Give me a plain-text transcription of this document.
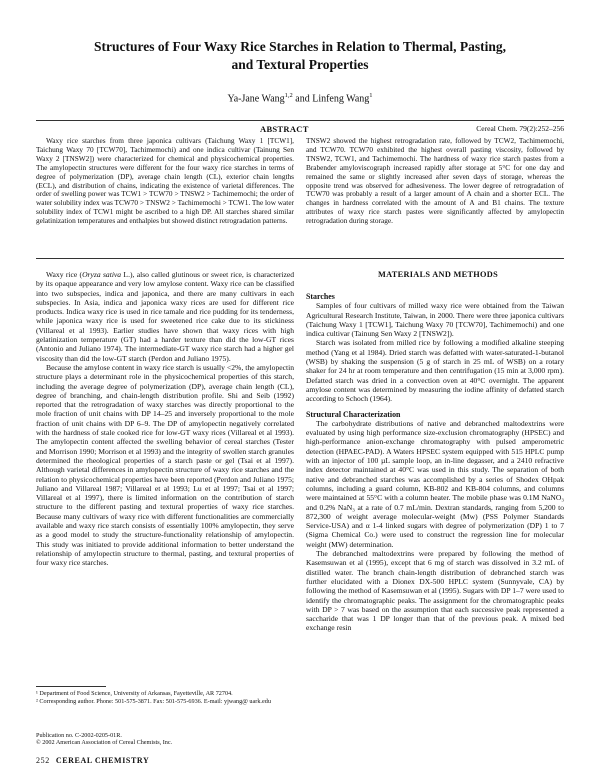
Structures of Four Waxy Rice Starches in Relation to Thermal, Pasting,
and Textural Properties
Ya-Jane Wang$^{1,2}$ and Linfeng Wang$^1$
ABSTRACT	Cereal Chem. 79(2):252–256

Waxy rice starches from three japonica cultivars (Taichung Waxy 1 [TCW1], Taichung Waxy 70 [TCW70], Tachimemochi) and one indica cultivar (Tainung Sen Waxy 2 [TNSW2]) were characterized for chemical and physicochemical properties. The amylopectin structures were different for the four waxy rice starches in terms of degree of polymerization (DP), average chain length (CL), exterior chain lengths (ECL), and distribution of chains, indicating the existence of varietal differences. The order of swelling power was TCW1 > TCW70 > TNSW2 > Tachimemochi; the order of water solubility index was TCW70 > TNSW2 > Tachimemochi > TCW1. The low water solubility index of TCW1 might be ascribed to a high DP. All starches shared similar gelatinization temperatures and enthalpies but showed distinct retrogradation patterns.

TNSW2 showed the highest retrogradation rate, followed by TCW2, Tachimemochi, and TCW70. TCW70 exhibited the highest overall pasting viscosity, followed by TNSW2, TCW1, and Tachimemochi. The hardness of waxy rice starch pastes from a Brabender amyloviscograph increased rapidly after storage at 5°C for one day and remained the same or slightly increased after seven days of storage, whereas the opposite trend was observed for adhesiveness. The lower degree of retrogradation of TCW70 was probably a result of a larger amount of A chain and a shorter ECL. The changes in hardness correlated with the amount of A and B1 chains. The texture attributes of waxy rice starch pastes were significantly affected by amylopectin retrogradation during storage.

Waxy rice (Oryza sativa L.), also called glutinous or sweet rice, is characterized by its opaque appearance and very low amylose content. Waxy rice can be classified into two subspecies, indica and japonica, and there are many cultivars in each subspecies. In Asia, indica and japonica waxy rices are used for different rice products. Indica waxy rice is used in rice tamale and rice pudding for its tenderness, while japonica waxy rice is used for sweetened rice cake due to its stickiness (Villareal et al 1993). Earlier studies have shown that waxy rices with high gelatinization temperature (GT) had a harder texture than did the low-GT rices (Antonio and Juliano 1974). The intermediate-GT waxy rice starch had a higher gel viscosity than did the low-GT starch (Perdon and Juliano 1975).

Because the amylose content in waxy rice starch is usually <2%, the amylopectin structure plays a determinant role in the physicochemical properties of this starch, including the average degree of polymerization (DP), average chain length (CL), degree of branching, and chain-length distribution profile. Shi and Seib (1992) reported that the retrogradation of waxy starches was directly proportional to the mole fraction of unit chains with DP 14–25 and inversely proportional to the mole fraction of unit chains with DP 6–9. The DP of amylopectin negatively correlated with the hardness of stale cooked rice for low-GT waxy rices (Villareal et al 1993). The amylopectin content affected the swelling behavior of cereal starches (Tester and Morrison 1990; Morrison et al 1993) and the integrity of swollen starch granules determined the rheological properties of a starch paste or gel (Tsai et al 1997). Although varietal differences in amylopectin structure of waxy rice starches and the relation to physicochemical properties have been reported (Perdon and Juliano 1975; Juliano and Villareal 1987; Villareal et al 1993; Lu et al 1997; Tsai et al 1997; Villareal et al 1997), there is limited information on the contribution of starch structure to the different pasting and textural properties of waxy rice starches. Because many cultivars of waxy rice with different functionalities are commercially available and waxy rice starch consists of essentially 100% amylopectin, they serve as a good model to study the structure-functionality relationship of amylopectin. This study was initiated to provide additional information to better understand the relationship of amylopectin structure to thermal, pasting, and textural properties of four waxy rice starches.

¹ Department of Food Science, University of Arkansas, Fayetteville, AR 72704.
² Corresponding author. Phone: 501-575-3871. Fax: 501-575-6936. E-mail: yjwang@ uark.edu
Publication no. C-2002-0205-01R.
© 2002 American Association of Cereal Chemists, Inc.
252 CEREAL CHEMISTRY
MATERIALS AND METHODS

Starches

Samples of four cultivars of milled waxy rice were obtained from the Taiwan Agricultural Research Institute, Taiwan, in 2000. There were three japonica cultivars (Taichung Waxy 1 [TCW1], Taichung Waxy 70 [TCW70], Tachimemochi) and one indica cultivar (Tainung Sen Waxy 2 [TNSW2]).

Starch was isolated from milled rice by following a modified alkaline steeping method (Yang et al 1984). Dried starch was defatted with water-saturated-1-butanol (WSB) by shaking the suspension (5 g of starch in 25 mL of WSB) on a rotary shaker for 24 hr at room temperature and then centrifugation (15 min at 3,000 rpm). Defatted starch was dried in a convection oven at 40°C overnight. The apparent amylose content was determined by measuring the iodine affinity of defatted starch according to Schoch (1964).

Structural Characterization

The carbohydrate distributions of native and debranched maltodextrins were evaluated by using high performance size-exclusion chromatography (HPSEC) and high-performance anion-exchange chromatography with pulsed amperometric detection (HPAEC-PAD). A Waters HPSEC system equipped with 515 HPLC pump with an injector of 100 µL sample loop, an in-line degasser, and a 2410 refractive index detector maintained at 40°C was used in this study. The separation of both native and debranched starches was accomplished by a series of Shodex OHpak columns, including a guard column, KB-802 and KB-804 columns, and columns were maintained at 55°C with a column heater. The mobile phase was 0.1M NaNO₃ and 0.2% NaN₃ at a rate of 0.7 mL/min. Dextran standards, ranging from 5,200 to 872,300 of weight average molecular-weight (Mw) (PSS Polymer Standards Service-USA) and α 1-4 linked sugars with degree of polymerization (DP) 1 to 7 (Sigma Chemical Co.) were used to construct the regression line for molecular weight (MW) determination.

The debranched maltodextrins were prepared by following the method of Kasemsuwan et al (1995), except that 6 mg of starch was dissolved in 3.2 mL of distilled water. The branch chain-length distribution of debranched starch was further elucidated with a Dionex DX-500 HPLC system (Sunnyvale, CA) by following the method of Kasemsuwan et al (1995). Sugars with DP 1–7 were used to identify the chromatographic peaks. The assignment for the chromatographic peaks with DP > 7 was based on the assumption that each successive peak represented a saccharide that was 1 DP longer than that of the previous peak. A mixed bed exchange resin
